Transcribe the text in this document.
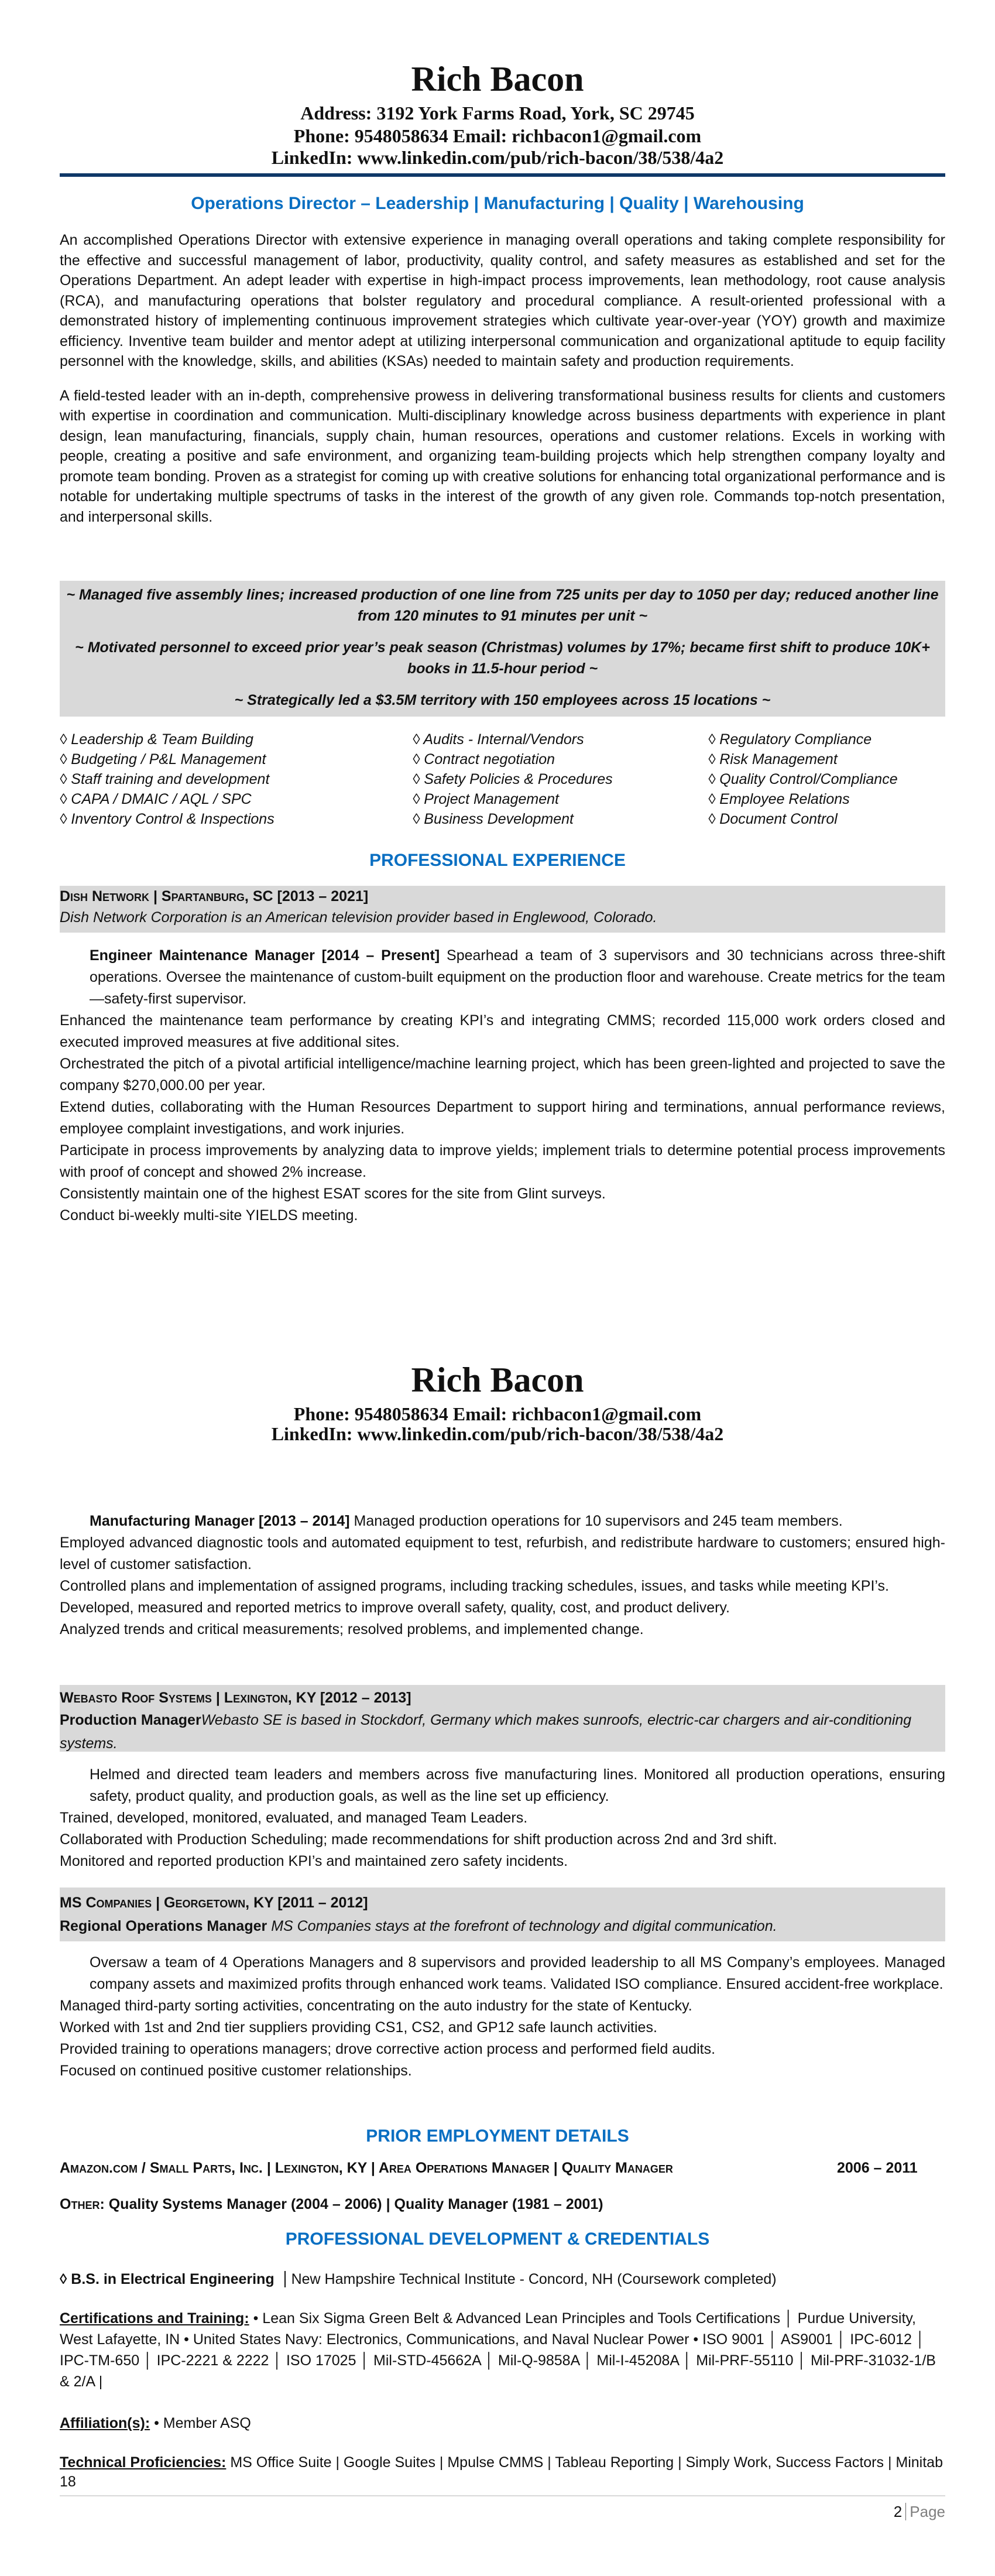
Rich Bacon
Address: 3192 York Farms Road, York, SC 29745
Phone: 9548058634 Email: richbacon1@gmail.com
LinkedIn: www.linkedin.com/pub/rich-bacon/38/538/4a2
Operations Director – Leadership | Manufacturing | Quality | Warehousing

An accomplished Operations Director with extensive experience in managing overall operations and taking complete responsibility for the effective and successful management of labor, productivity, quality control, and safety measures as established and set for the Operations Department. An adept leader with expertise in high-impact process improvements, lean methodology, root cause analysis (RCA), and manufacturing operations that bolster regulatory and procedural compliance. A result-oriented professional with a demonstrated history of implementing continuous improvement strategies which cultivate year-over-year (YOY) growth and maximize efficiency. Inventive team builder and mentor adept at utilizing interpersonal communication and organizational aptitude to equip facility personnel with the knowledge, skills, and abilities (KSAs) needed to maintain safety and production requirements.

A field-tested leader with an in-depth, comprehensive prowess in delivering transformational business results for clients and customers with expertise in coordination and communication. Multi-disciplinary knowledge across business departments with experience in plant design, lean manufacturing, financials, supply chain, human resources, operations and customer relations. Excels in working with people, creating a positive and safe environment, and organizing team-building projects which help strengthen company loyalty and promote team bonding. Proven as a strategist for coming up with creative solutions for enhancing total organizational performance and is notable for undertaking multiple spectrums of tasks in the interest of the growth of any given role. Commands top-notch presentation, and interpersonal skills.

~ Managed five assembly lines; increased production of one line from 725 units per day to 1050 per day; reduced another line from 120 minutes to 91 minutes per unit ~

~ Motivated personnel to exceed prior year’s peak season (Christmas) volumes by 17%; became first shift to produce 10K+ books in 11.5-hour period ~

~ Strategically led a $3.5M territory with 150 employees across 15 locations ~

◊ Leadership & Team Building	◊ Audits - Internal/Vendors	◊ Regulatory Compliance
◊ Budgeting / P&L Management	◊ Contract negotiation	◊ Risk Management
◊ Staff training and development	◊ Safety Policies & Procedures	◊ Quality Control/Compliance
◊ CAPA / DMAIC / AQL / SPC	◊ Project Management	◊ Employee Relations
◊ Inventory Control & Inspections	◊ Business Development	◊ Document Control
PROFESSIONAL EXPERIENCE
Dish Network | Spartanburg, SC [2013 – 2021]
Dish Network Corporation is an American television provider based in Englewood, Colorado.

Engineer Maintenance Manager [2014 – Present] Spearhead a team of 3 supervisors and 30 technicians across three-shift operations. Oversee the maintenance of custom-built equipment on the production floor and warehouse. Create metrics for the team—safety-first supervisor.

Enhanced the maintenance team performance by creating KPI’s and integrating CMMS; recorded 115,000 work orders closed and executed improved measures at five additional sites.

Orchestrated the pitch of a pivotal artificial intelligence/machine learning project, which has been green-lighted and projected to save the company $270,000.00 per year.

Extend duties, collaborating with the Human Resources Department to support hiring and terminations, annual performance reviews, employee complaint investigations, and work injuries.

Participate in process improvements by analyzing data to improve yields; implement trials to determine potential process improvements with proof of concept and showed 2% increase.

Consistently maintain one of the highest ESAT scores for the site from Glint surveys.

Conduct bi-weekly multi-site YIELDS meeting.

Rich Bacon
Phone: 9548058634 Email: richbacon1@gmail.com
LinkedIn: www.linkedin.com/pub/rich-bacon/38/538/4a2

Manufacturing Manager [2013 – 2014] Managed production operations for 10 supervisors and 245 team members.

Employed advanced diagnostic tools and automated equipment to test, refurbish, and redistribute hardware to customers; ensured high-level of customer satisfaction.

Controlled plans and implementation of assigned programs, including tracking schedules, issues, and tasks while meeting KPI’s.

Developed, measured and reported metrics to improve overall safety, quality, cost, and product delivery.

Analyzed trends and critical measurements; resolved problems, and implemented change.

Webasto Roof Systems | Lexington, KY [2012 – 2013]
Production ManagerWebasto SE is based in Stockdorf, Germany which makes sunroofs, electric-car chargers and air-conditioning systems.

Helmed and directed team leaders and members across five manufacturing lines. Monitored all production operations, ensuring safety, product quality, and production goals, as well as the line set up efficiency.

Trained, developed, monitored, evaluated, and managed Team Leaders.

Collaborated with Production Scheduling; made recommendations for shift production across 2nd and 3rd shift.

Monitored and reported production KPI’s and maintained zero safety incidents.

MS Companies | Georgetown, KY [2011 – 2012]
Regional Operations Manager MS Companies stays at the forefront of technology and digital communication.

Oversaw a team of 4 Operations Managers and 8 supervisors and provided leadership to all MS Company’s employees. Managed company assets and maximized profits through enhanced work teams. Validated ISO compliance. Ensured accident-free workplace.

Managed third-party sorting activities, concentrating on the auto industry for the state of Kentucky.

Worked with 1st and 2nd tier suppliers providing CS1, CS2, and GP12 safe launch activities.

Provided training to operations managers; drove corrective action process and performed field audits.

Focused on continued positive customer relationships.

PRIOR EMPLOYMENT DETAILS
Amazon.com / Small Parts, Inc. | Lexington, KY | Area Operations Manager | Quality Manager	2006 – 2011
Other: Quality Systems Manager (2004 – 2006) | Quality Manager (1981 – 2001)
PROFESSIONAL DEVELOPMENT & CREDENTIALS
◊ B.S. in Electrical Engineering New Hampshire Technical Institute - Concord, NH (Coursework completed)

Certifications and Training: • Lean Six Sigma Green Belt & Advanced Lean Principles and Tools Certifications │ Purdue University, West Lafayette, IN • United States Navy: Electronics, Communications, and Naval Nuclear Power • ISO 9001 │ AS9001 │ IPC-6012 │ IPC-TM-650 │ IPC-2221 & 2222 │ ISO 17025 │ Mil-STD-45662A │ Mil-Q-9858A │ Mil-I-45208A │ Mil-PRF-55110 │ Mil-PRF-31032-1/B & 2/A |

Affiliation(s): • Member ASQ

Technical Proficiencies: MS Office Suite | Google Suites | Mpulse CMMS | Tableau Reporting | Simply Work, Success Factors | Minitab 18

2 Page
